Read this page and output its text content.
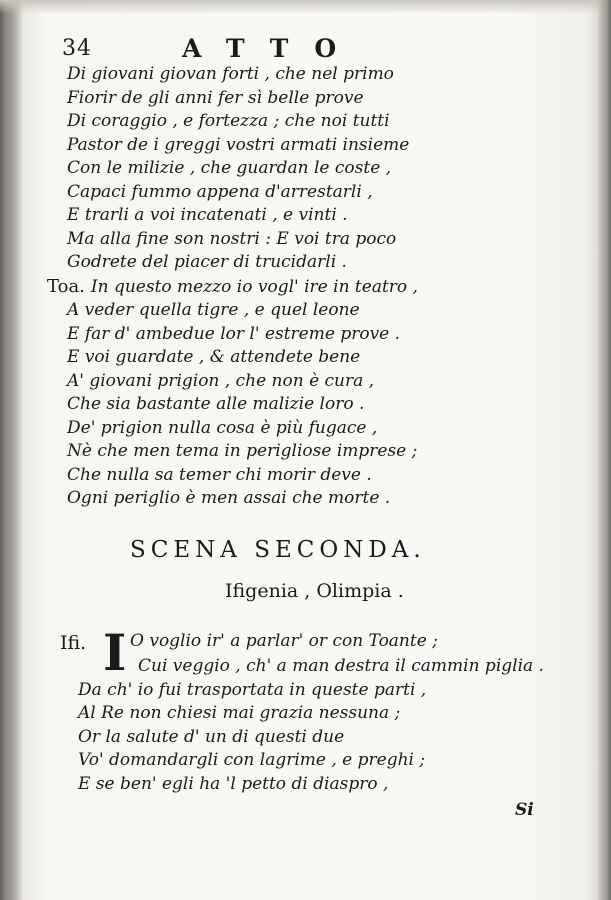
34	ATTO
Di giovani giovan forti , che nel primo
Fiorir de gli anni fer sì belle prove
Di coraggio , e fortezza ; che noi tutti
Pastor de i greggi vostri armati insieme
Con le milizie , che guardan le coste ,
Capaci fummo appena d'arrestarli ,
E trarli a voi incatenati , e vinti .
Ma alla fine son nostri : E voi tra poco
Godrete del piacer di trucidarli .
Toa. In questo mezzo io vogl' ire in teatro ,
A veder quella tigre , e quel leone
E far d' ambedue lor l' estreme prove .
E voi guardate , & attendete bene
A' giovani prigion , che non è cura ,
Che sia bastante alle malizie loro .
De' prigion nulla cosa è più fugace ,
Nè che men tema in perigliose imprese ;
Che nulla sa temer chi morir deve .
Ogni periglio è men assai che morte .
SCENA SECONDA.
Ifigenia , Olimpia .
Ifi. I O voglio ir' a parlar' or con Toante ;
Cui veggio , ch' a man destra il cammin piglia .
Da ch' io fui trasportata in queste parti ,
Al Re non chiesi mai grazia nessuna ;
Or la salute d' un di questi due
Vo' domandargli con lagrime , e preghi ;
E se ben' egli ha 'l petto di diaspro ,
Si
